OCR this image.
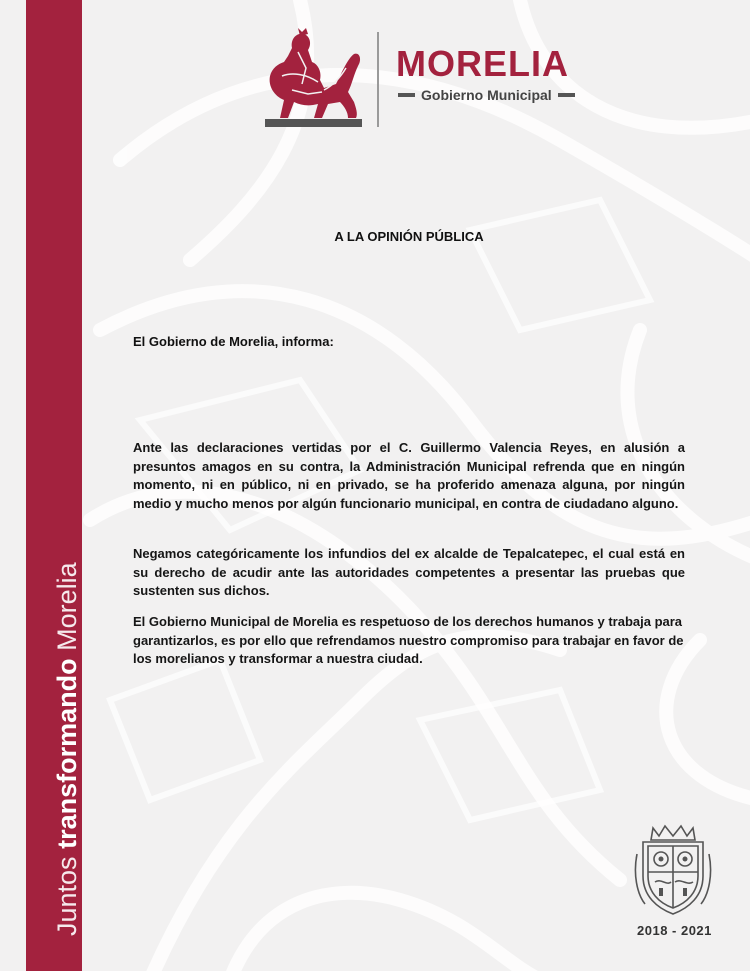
Juntos transformando Morelia
MORELIA
Gobierno Municipal
A LA OPINIÓN PÚBLICA
El Gobierno de Morelia, informa:

Ante las declaraciones vertidas por el C. Guillermo Valencia Reyes, en alusión a presuntos amagos en su contra, la Administración Municipal refrenda que en ningún momento, ni en público, ni en privado, se ha proferido amenaza alguna, por ningún medio y mucho menos por algún funcionario municipal, en contra de ciudadano alguno.

Negamos categóricamente los infundios del ex alcalde de Tepalcatepec, el cual está en su derecho de acudir ante las autoridades competentes a presentar las pruebas que sustenten sus dichos.

El Gobierno Municipal de Morelia es respetuoso de los derechos humanos y trabaja para garantizarlos, es por ello que refrendamos nuestro compromiso para trabajar en favor de los morelianos y transformar a nuestra ciudad.

2018 - 2021
